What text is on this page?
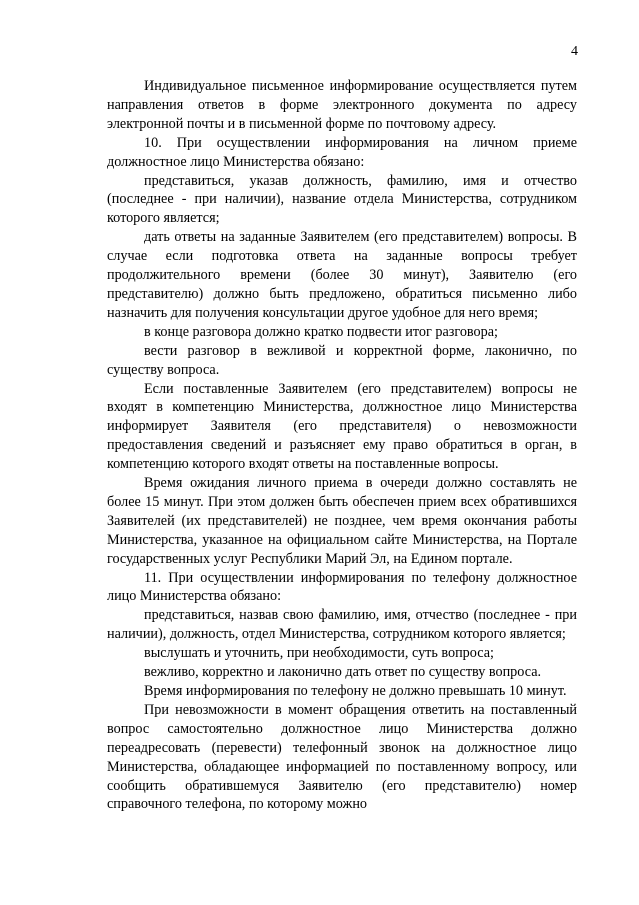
4

Индивидуальное письменное информирование осуществляется путем направления ответов в форме электронного документа по адресу электронной почты и в письменной форме по почтовому адресу.

10. При осуществлении информирования на личном приеме должностное лицо Министерства обязано:

представиться, указав должность, фамилию, имя и отчество (последнее - при наличии), название отдела Министерства, сотрудником которого является;

дать ответы на заданные Заявителем (его представителем) вопросы. В случае если подготовка ответа на заданные вопросы требует продолжительного времени (более 30 минут), Заявителю (его представителю) должно быть предложено, обратиться письменно либо назначить для получения консультации другое удобное для него время;

в конце разговора должно кратко подвести итог разговора;

вести разговор в вежливой и корректной форме, лаконично, по существу вопроса.

Если поставленные Заявителем (его представителем) вопросы не входят в компетенцию Министерства, должностное лицо Министерства информирует Заявителя (его представителя) о невозможности предоставления сведений и разъясняет ему право обратиться в орган, в компетенцию которого входят ответы на поставленные вопросы.

Время ожидания личного приема в очереди должно составлять не более 15 минут. При этом должен быть обеспечен прием всех обратившихся Заявителей (их представителей) не позднее, чем время окончания работы Министерства, указанное на официальном сайте Министерства, на Портале государственных услуг Республики Марий Эл, на Едином портале.

11. При осуществлении информирования по телефону должностное лицо Министерства обязано:

представиться, назвав свою фамилию, имя, отчество (последнее - при наличии), должность, отдел Министерства, сотрудником которого является;

выслушать и уточнить, при необходимости, суть вопроса;

вежливо, корректно и лаконично дать ответ по существу вопроса.

Время информирования по телефону не должно превышать 10 минут.

При невозможности в момент обращения ответить на поставленный вопрос самостоятельно должностное лицо Министерства должно переадресовать (перевести) телефонный звонок на должностное лицо Министерства, обладающее информацией по поставленному вопросу, или сообщить обратившемуся Заявителю (его представителю) номер справочного телефона, по которому можно
